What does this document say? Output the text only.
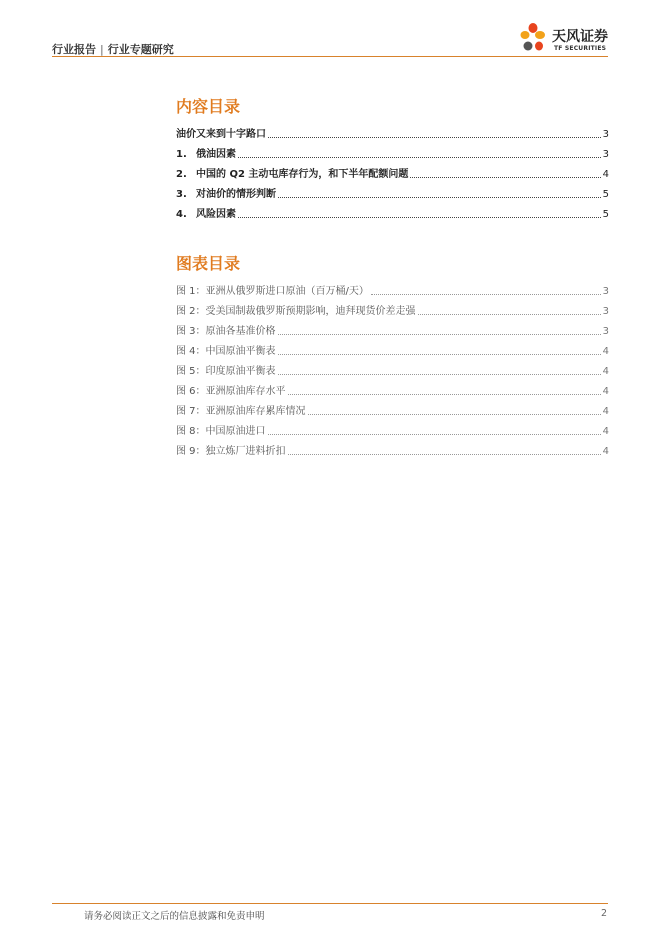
行业报告 | 行业专题研究
天风证券
TF SECURITIES
内容目录
油价又来到十字路口	3
1. 俄油因素	3
2. 中国的 Q2 主动屯库存行为，和下半年配额问题	4
3. 对油价的情形判断	5
4. 风险因素	5
图表目录
图 1：亚洲从俄罗斯进口原油（百万桶/天）	3
图 2：受美国制裁俄罗斯预期影响，迪拜现货价差走强	3
图 3：原油各基准价格	3
图 4：中国原油平衡表	4
图 5：印度原油平衡表	4
图 6：亚洲原油库存水平	4
图 7：亚洲原油库存累库情况	4
图 8：中国原油进口	4
图 9：独立炼厂进料折扣	4
请务必阅读正文之后的信息披露和免责申明	2
